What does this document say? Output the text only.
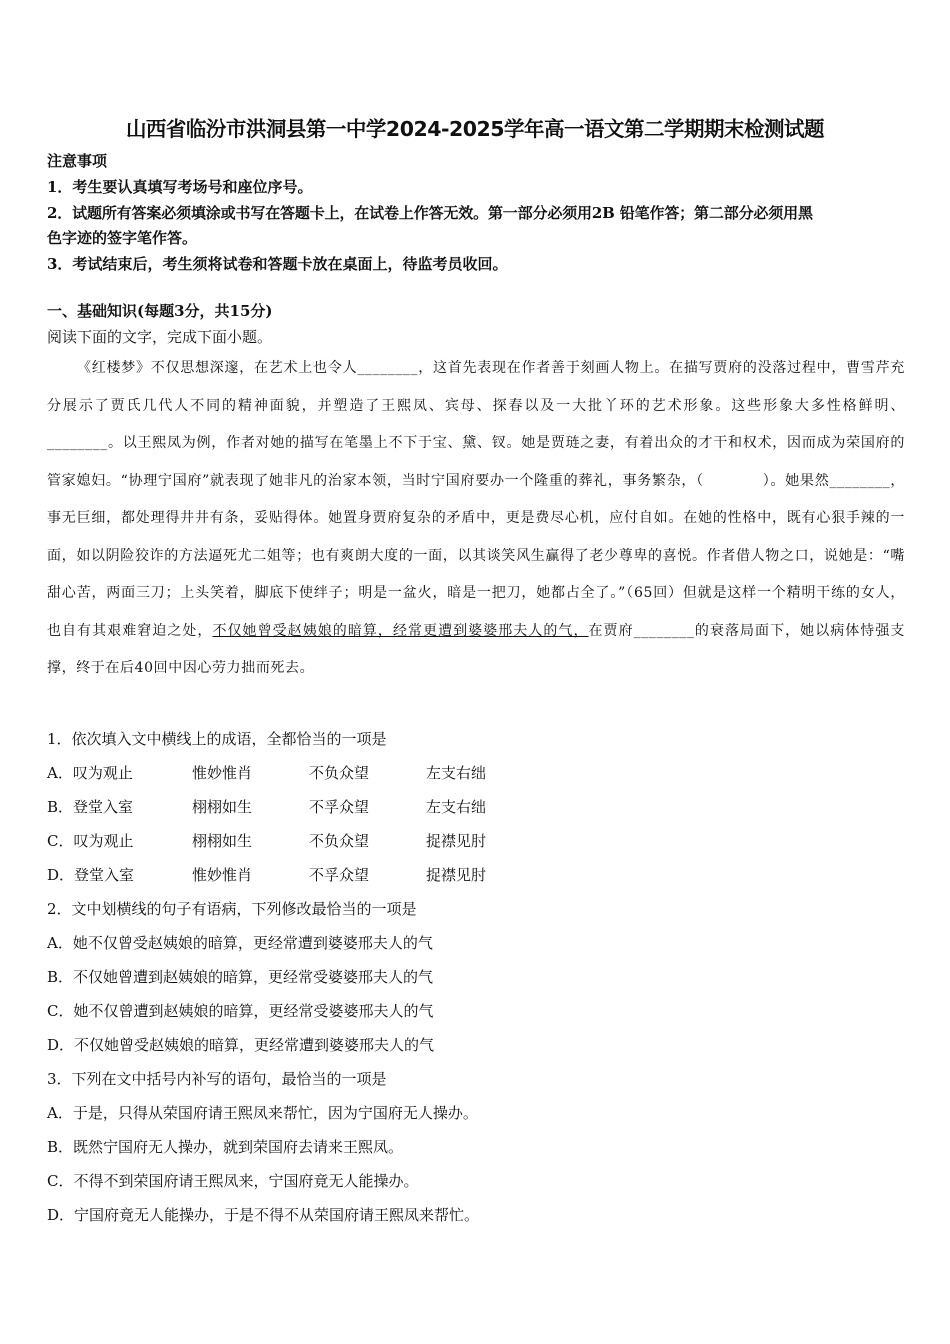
山西省临汾市洪洞县第一中学2024-2025学年高一语文第二学期期末检测试题
注意事项
1．考生要认真填写考场号和座位序号。
2．试题所有答案必须填涂或书写在答题卡上，在试卷上作答无效。第一部分必须用2B 铅笔作答；第二部分必须用黑
色字迹的签字笔作答。
3．考试结束后，考生须将试卷和答题卡放在桌面上，待监考员收回。
一、基础知识(每题3分，共15分)
阅读下面的文字，完成下面小题。
《红楼梦》不仅思想深邃，在艺术上也令人________，这首先表现在作者善于刻画人物上。在描写贾府的没落过程中，曹雪芹充分展示了贾氏几代人不同的精神面貌，并塑造了王熙凤、宾母、探春以及一大批丫环的艺术形象。这些形象大多性格鲜明、________。以王熙凤为例，作者对她的描写在笔墨上不下于宝、黛、钗。她是贾琏之妻，有着出众的才干和权术，因而成为荣国府的管家媳妇。“协理宁国府”就表现了她非凡的治家本领，当时宁国府要办一个隆重的葬礼，事务繁杂，（　　　　）。她果然________，事无巨细，都处理得井井有条，妥贴得体。她置身贾府复杂的矛盾中，更是费尽心机，应付自如。在她的性格中，既有心狠手辣的一面，如以阴险狡诈的方法逼死尤二姐等；也有爽朗大度的一面，以其谈笑风生赢得了老少尊卑的喜悦。作者借人物之口，说她是：“嘴甜心苦，两面三刀；上头笑着，脚底下使绊子；明是一盆火，暗是一把刀，她都占全了。”（65回）但就是这样一个精明干练的女人，也自有其艰难窘迫之处，不仅她曾受赵姨娘的暗算，经常更遭到婆婆邢夫人的气，在贾府________的衰落局面下，她以病体恃强支撑，终于在后40回中因心劳力拙而死去。
1．依次填入文中横线上的成语，全都恰当的一项是
A．叹为观止	惟妙惟肖	不负众望	左支右绌
B．登堂入室	栩栩如生	不孚众望	左支右绌
C．叹为观止	栩栩如生	不负众望	捉襟见肘
D．登堂入室	惟妙惟肖	不孚众望	捉襟见肘
2．文中划横线的句子有语病，下列修改最恰当的一项是
A．她不仅曾受赵姨娘的暗算，更经常遭到婆婆邢夫人的气
B．不仅她曾遭到赵姨娘的暗算，更经常受婆婆邢夫人的气
C．她不仅曾遭到赵姨娘的暗算，更经常受婆婆邢夫人的气
D．不仅她曾受赵姨娘的暗算，更经常遭到婆婆邢夫人的气
3．下列在文中括号内补写的语句，最恰当的一项是
A．于是，只得从荣国府请王熙凤来帮忙，因为宁国府无人操办。
B．既然宁国府无人操办，就到荣国府去请来王熙凤。
C．不得不到荣国府请王熙凤来，宁国府竟无人能操办。
D．宁国府竟无人能操办，于是不得不从荣国府请王熙凤来帮忙。
